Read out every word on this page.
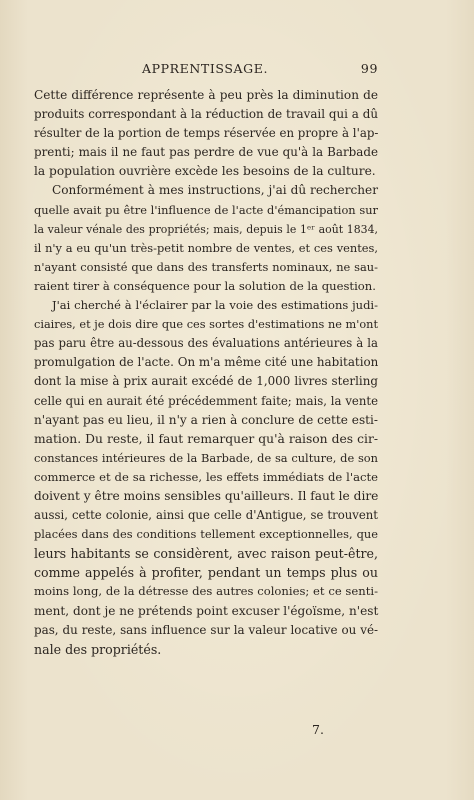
APPRENTISSAGE.	99
Cette différence représente à peu près la diminution de
produits correspondant à la réduction de travail qui a dû
résulter de la portion de temps réservée en propre à l'ap-
prenti; mais il ne faut pas perdre de vue qu'à la Barbade
la population ouvrière excède les besoins de la culture.
Conformément à mes instructions, j'ai dû rechercher
quelle avait pu être l'influence de l'acte d'émancipation sur
la valeur vénale des propriétés; mais, depuis le 1ᵉʳ août 1834,
il n'y a eu qu'un très-petit nombre de ventes, et ces ventes,
n'ayant consisté que dans des transferts nominaux, ne sau-
raient tirer à conséquence pour la solution de la question.
J'ai cherché à l'éclairer par la voie des estimations judi-
ciaires, et je dois dire que ces sortes d'estimations ne m'ont
pas paru être au-dessous des évaluations antérieures à la
promulgation de l'acte. On m'a même cité une habitation
dont la mise à prix aurait excédé de 1,000 livres sterling
celle qui en aurait été précédemment faite; mais, la vente
n'ayant pas eu lieu, il n'y a rien à conclure de cette esti-
mation. Du reste, il faut remarquer qu'à raison des cir-
constances intérieures de la Barbade, de sa culture, de son
commerce et de sa richesse, les effets immédiats de l'acte
doivent y être moins sensibles qu'ailleurs. Il faut le dire
aussi, cette colonie, ainsi que celle d'Antigue, se trouvent
placées dans des conditions tellement exceptionnelles, que
leurs habitants se considèrent, avec raison peut-être,
comme appelés à profiter, pendant un temps plus ou
moins long, de la détresse des autres colonies; et ce senti-
ment, dont je ne prétends point excuser l'égoïsme, n'est
pas, du reste, sans influence sur la valeur locative ou vé-
nale des propriétés.
7.
